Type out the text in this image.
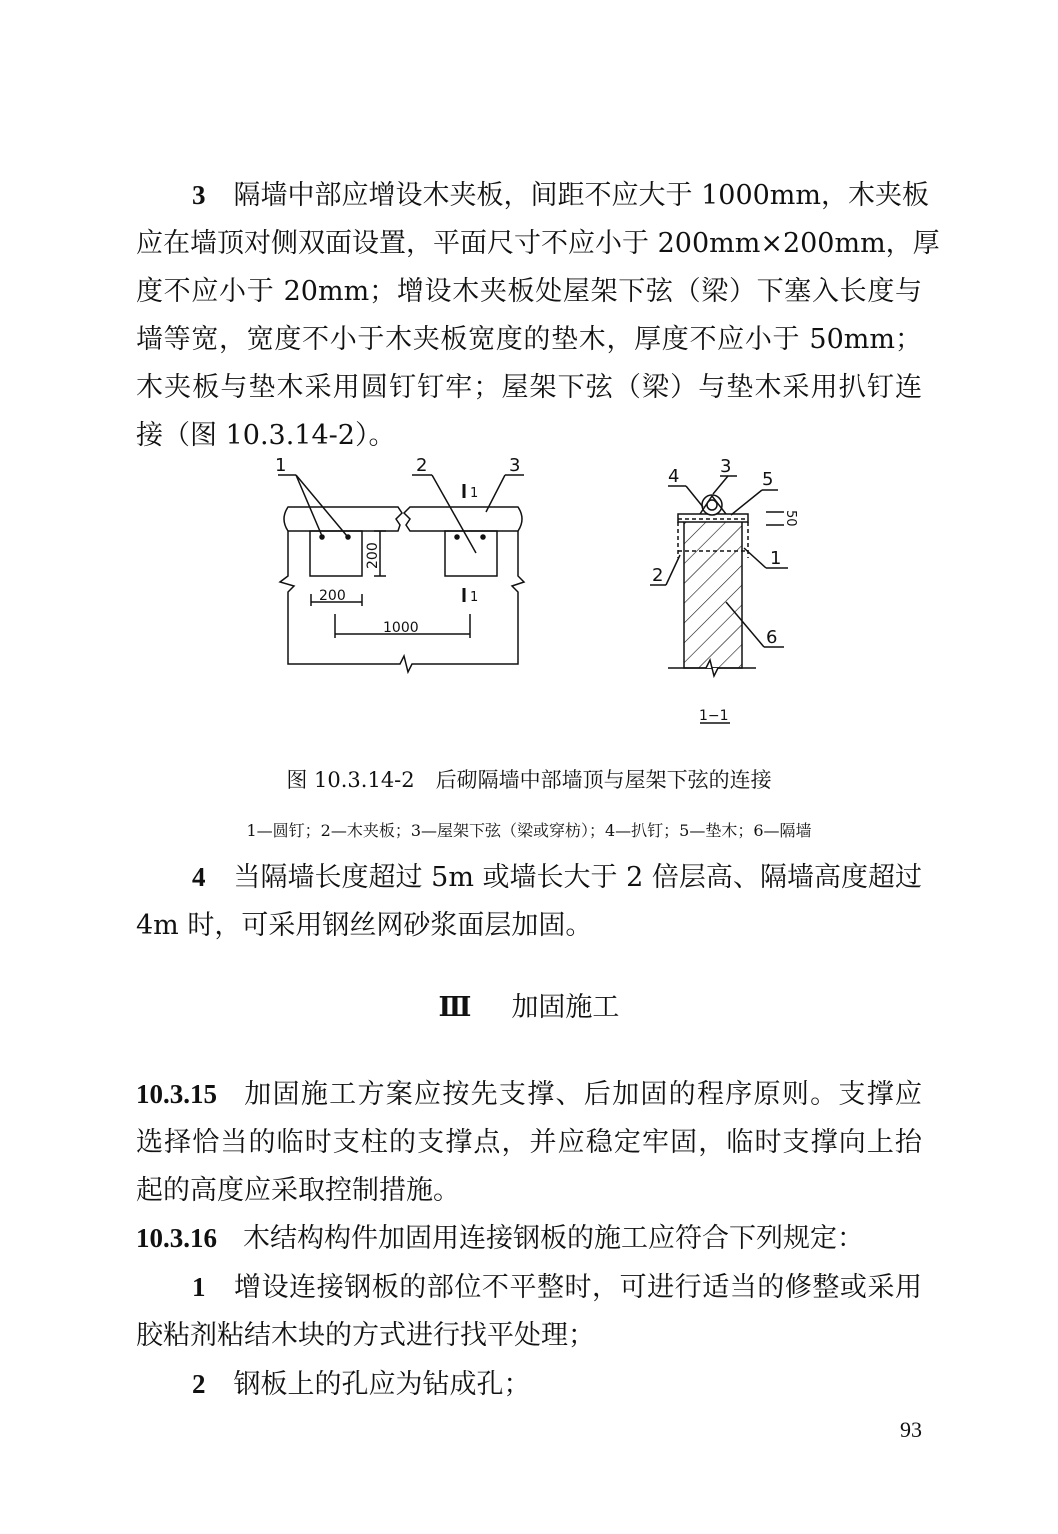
3 隔墙中部应增设木夹板，间距不应大于 1000mm，木夹板
应在墙顶对侧双面设置，平面尺寸不应小于 200mm×200mm，厚
度不应小于 20mm；增设木夹板处屋架下弦（梁）下塞入长度与
墙等宽，宽度不小于木夹板宽度的垫木，厚度不应小于 50mm；
木夹板与垫木采用圆钉钉牢；屋架下弦（梁）与垫木采用扒钉连
接（图 10.3.14-2）。
1	2	3
1
1
200
200
1000
4 3
5
1
2
6
50
1−1
图 10.3.14-2　后砌隔墙中部墙顶与屋架下弦的连接
1—圆钉；2—木夹板；3—屋架下弦（梁或穿枋）；4—扒钉；5—垫木；6—隔墙
4 当隔墙长度超过 5m 或墙长大于 2 倍层高、隔墙高度超过
4m 时，可采用钢丝网砂浆面层加固。
Ⅲ 加固施工
10.3.15 加固施工方案应按先支撑、后加固的程序原则。支撑应
选择恰当的临时支柱的支撑点，并应稳定牢固，临时支撑向上抬
起的高度应采取控制措施。
10.3.16 木结构构件加固用连接钢板的施工应符合下列规定：
1 增设连接钢板的部位不平整时，可进行适当的修整或采用
胶粘剂粘结木块的方式进行找平处理；
2 钢板上的孔应为钻成孔；
93
